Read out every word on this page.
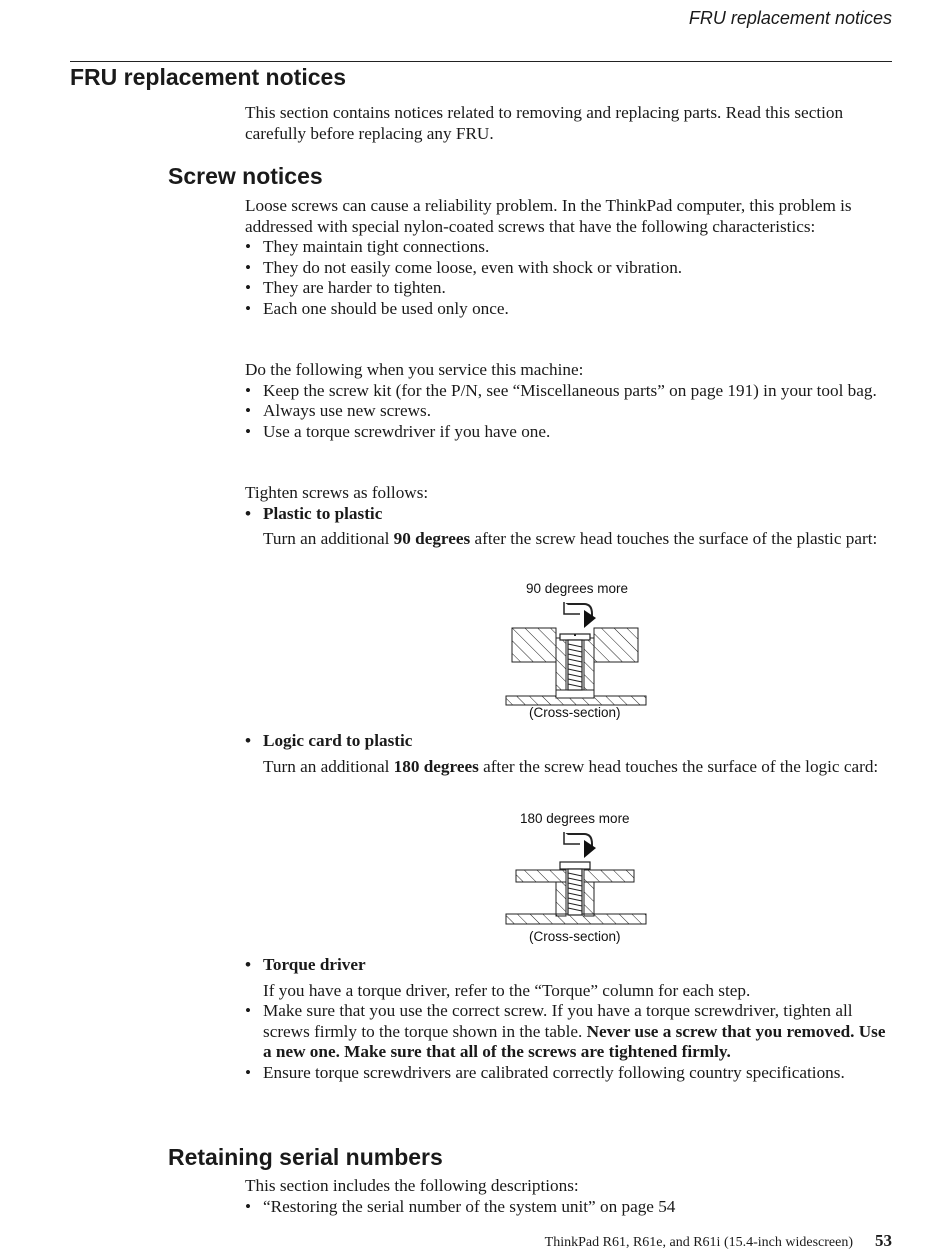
FRU replacement notices
FRU replacement notices
This section contains notices related to removing and replacing parts. Read this section carefully before replacing any FRU.
Screw notices

Loose screws can cause a reliability problem. In the ThinkPad computer, this problem is addressed with special nylon-coated screws that have the following characteristics:

• They maintain tight connections.
• They do not easily come loose, even with shock or vibration.
• They are harder to tighten.
• Each one should be used only once.

Do the following when you service this machine:

• Keep the screw kit (for the P/N, see “Miscellaneous parts” on page 191) in your tool bag.
• Always use new screws.
• Use a torque screwdriver if you have one.

Tighten screws as follows:

• Plastic to plastic
Turn an additional 90 degrees after the screw head touches the surface of the plastic part:
90 degrees more
(Cross-section)
• Logic card to plastic
Turn an additional 180 degrees after the screw head touches the surface of the logic card:
180 degrees more
(Cross-section)
• Torque driver
If you have a torque driver, refer to the “Torque” column for each step.
• Make sure that you use the correct screw. If you have a torque screwdriver, tighten all screws firmly to the torque shown in the table. Never use a screw that you removed. Use a new one. Make sure that all of the screws are tightened firmly.
• Ensure torque screwdrivers are calibrated correctly following country specifications.
Retaining serial numbers

This section includes the following descriptions:

• “Restoring the serial number of the system unit” on page 54
ThinkPad R61, R61e, and R61i (15.4-inch widescreen) 53
